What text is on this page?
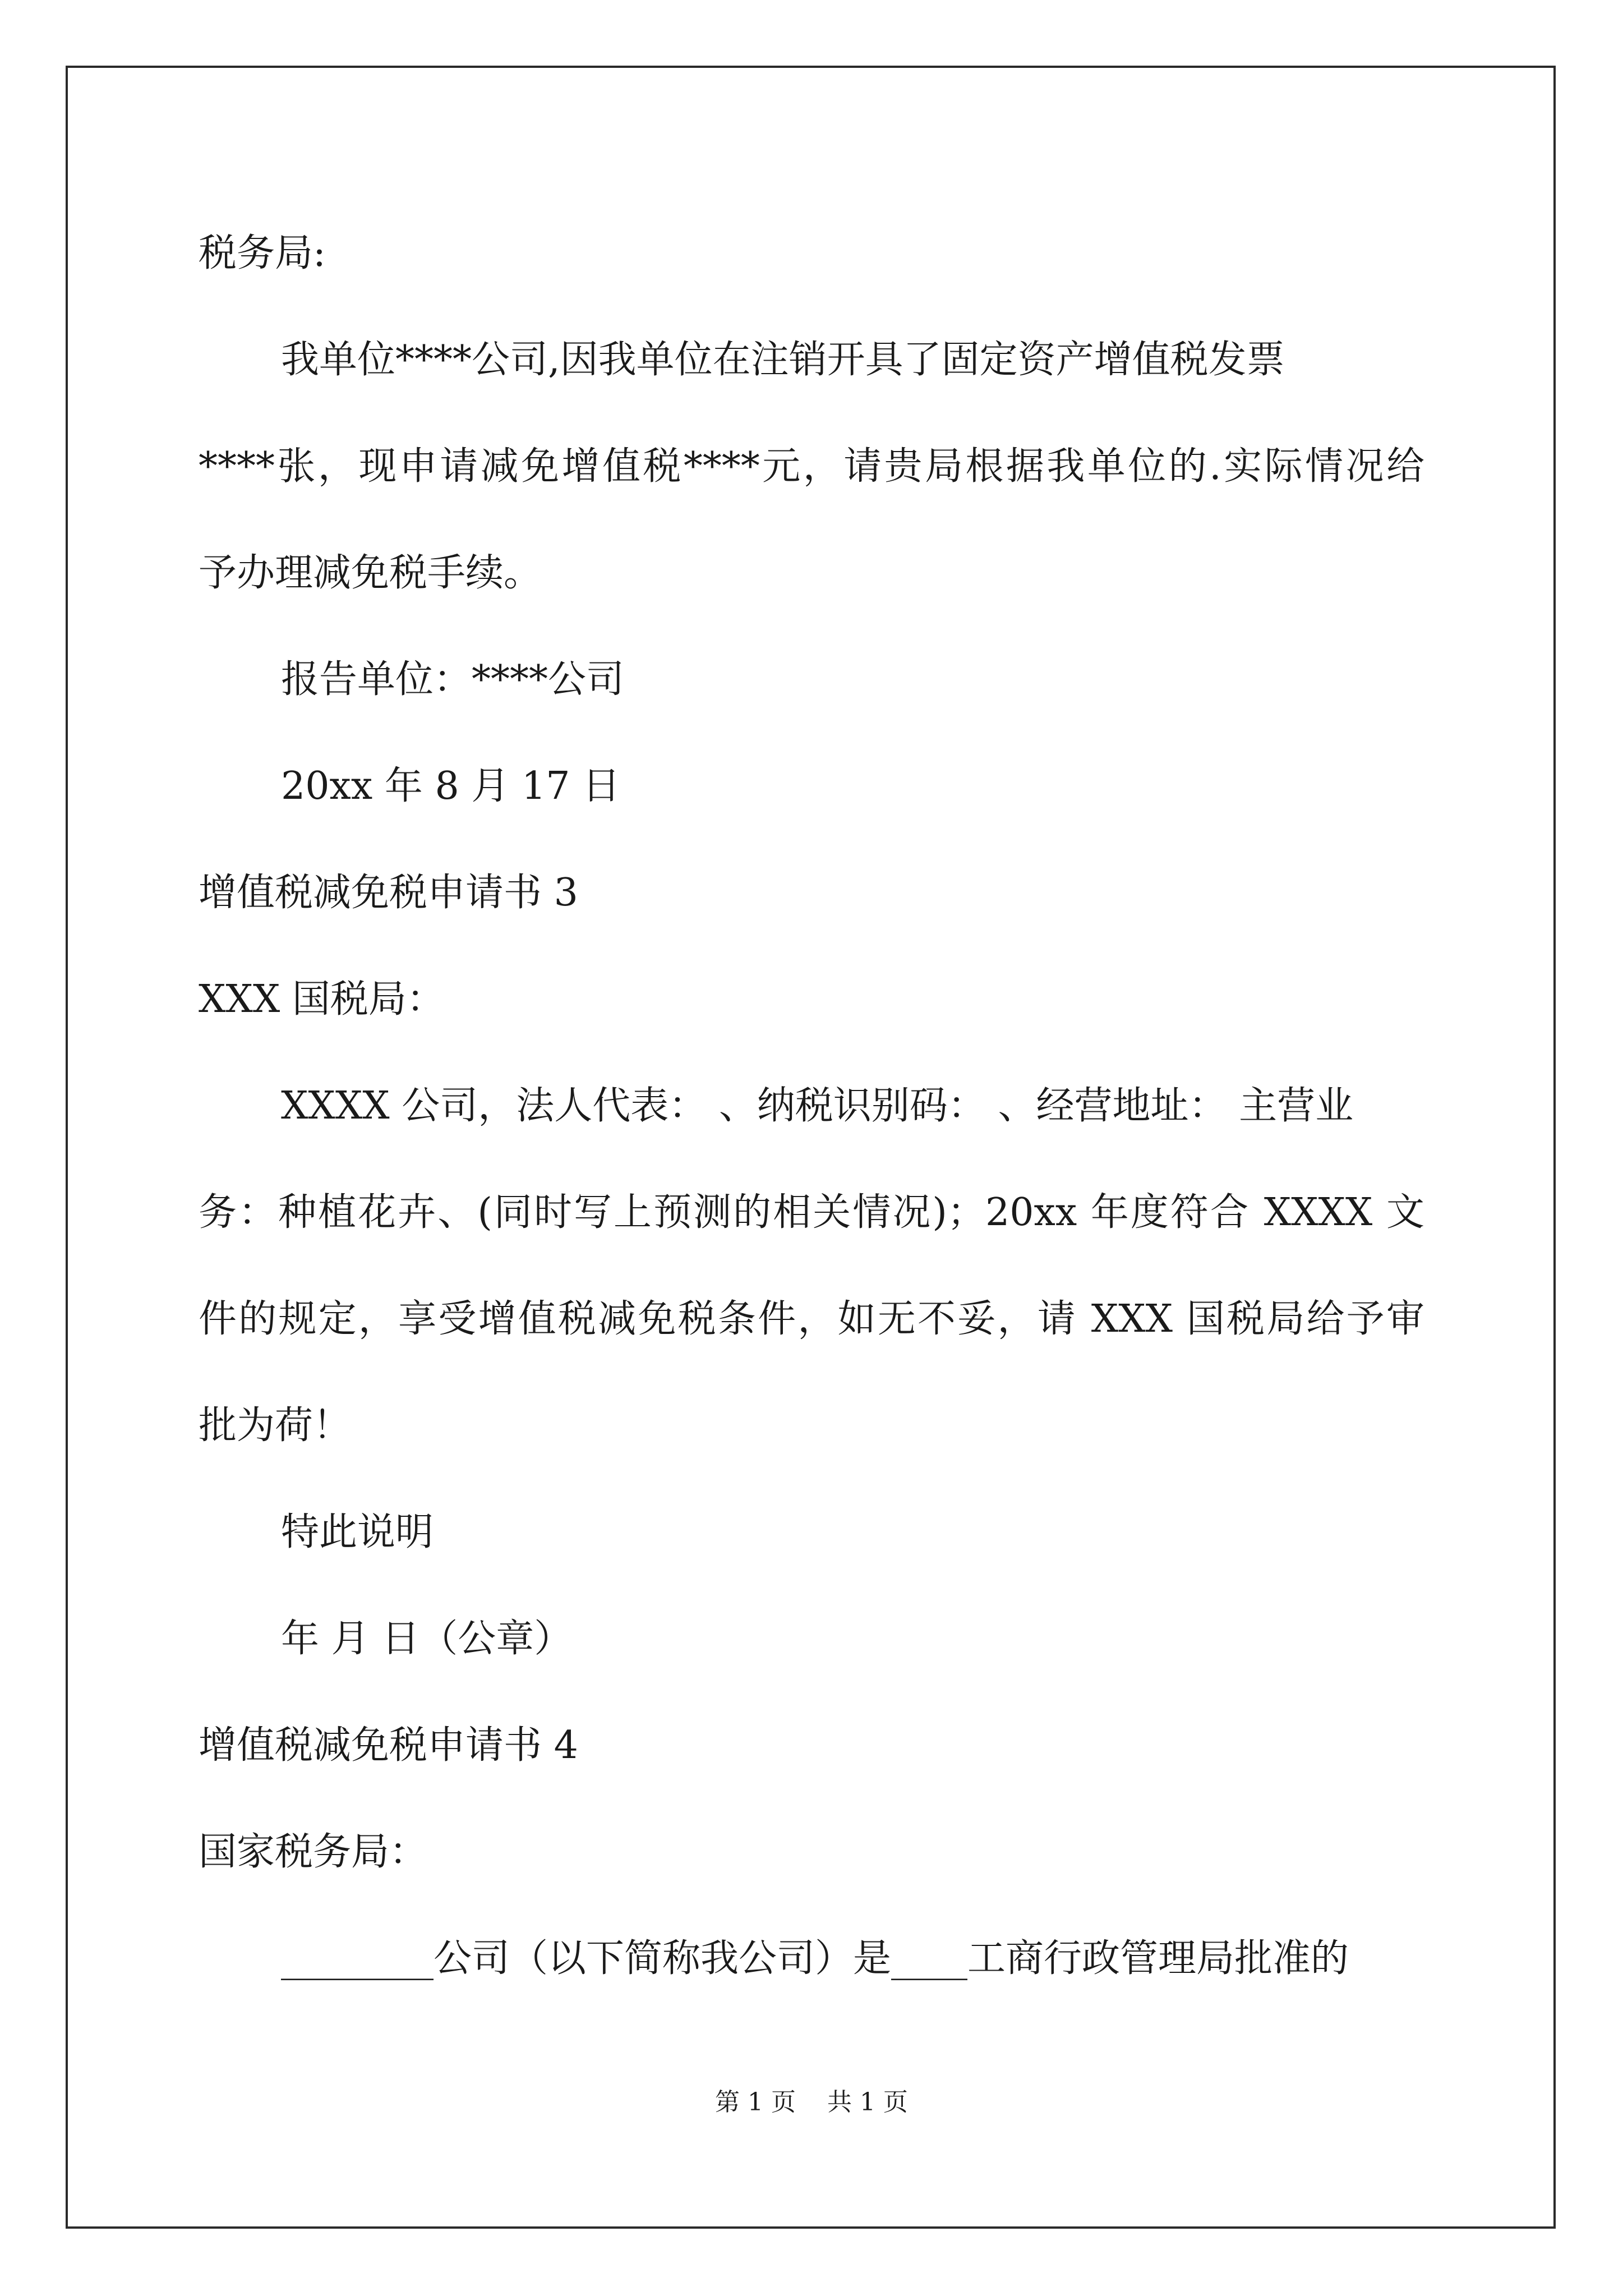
税务局:
我单位****公司,因我单位在注销开具了固定资产增值税发票
****张，现申请减免增值税****元，请贵局根据我单位的.实际情况给
予办理减免税手续。
报告单位：****公司
20xx 年 8 月 17 日
增值税减免税申请书 3
XXX 国税局：
XXXX 公司，法人代表： 、纳税识别码： 、经营地址： 主营业
务：种植花卉、(同时写上预测的相关情况)；20xx 年度符合 XXXX 文
件的规定，享受增值税减免税条件，如无不妥，请 XXX 国税局给予审
批为荷！
特此说明
年 月 日（公章）
增值税减免税申请书 4
国家税务局：
________公司（以下简称我公司）是____工商行政管理局批准的
第 1 页    共 1 页
